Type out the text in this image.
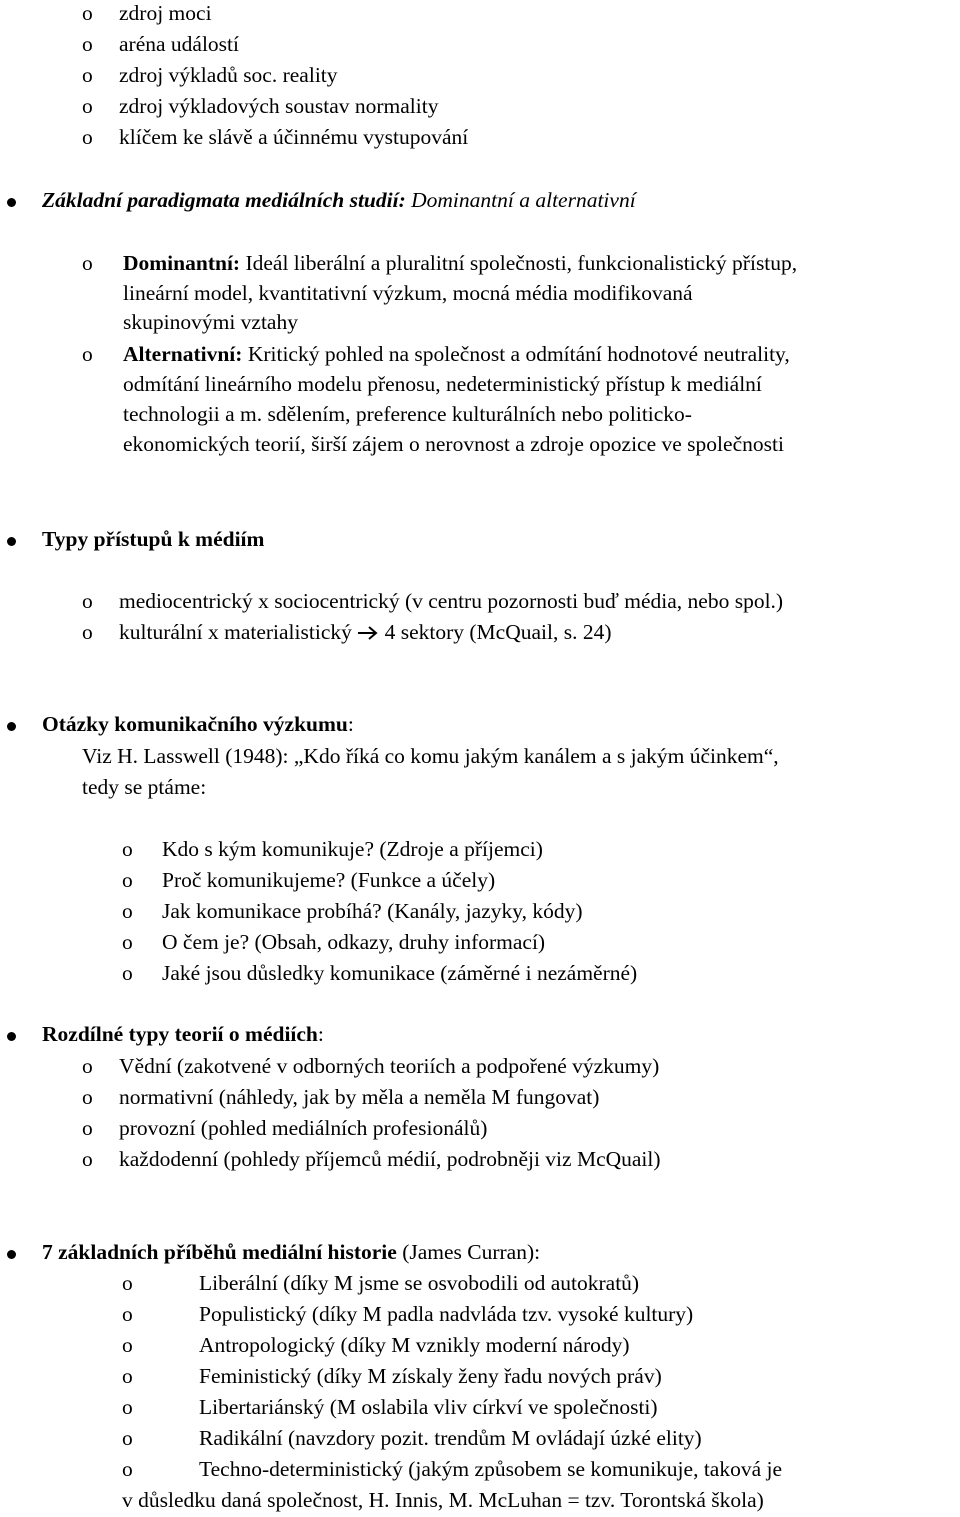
o zdroj moci
o aréna událostí
o zdroj výkladů soc. reality
o zdroj výkladových soustav normality
o klíčem ke slávě a účinnému vystupování
Základní paradigmata mediálních studií: Dominantní a alternativní
o Dominantní: Ideál liberální a pluralitní společnosti, funkcionalistický přístup,
lineární model, kvantitativní výzkum, mocná média modifikovaná
skupinovými vztahy
o Alternativní: Kritický pohled na společnost a odmítání hodnotové neutrality,
odmítání lineárního modelu přenosu, nedeterministický přístup k mediální
technologii a m. sdělením, preference kulturálních nebo politicko-
ekonomických teorií, širší zájem o nerovnost a zdroje opozice ve společnosti
Typy přístupů k médiím
o mediocentrický x sociocentrický (v centru pozornosti buď média, nebo spol.)
o kulturální x materialistický  4 sektory (McQuail, s. 24)
Otázky komunikačního výzkumu:
Viz H. Lasswell (1948): „Kdo říká co komu jakým kanálem a s jakým účinkem“,
tedy se ptáme:
o Kdo s kým komunikuje? (Zdroje a příjemci)
o Proč komunikujeme? (Funkce a účely)
o Jak komunikace probíhá? (Kanály, jazyky, kódy)
o O čem je? (Obsah, odkazy, druhy informací)
o Jaké jsou důsledky komunikace (záměrné i nezáměrné)
Rozdílné typy teorií o médiích:
o Vědní (zakotvené v odborných teoriích a podpořené výzkumy)
o normativní (náhledy, jak by měla a neměla M fungovat)
o provozní (pohled mediálních profesionálů)
o každodenní (pohledy příjemců médií, podrobněji viz McQuail)
7 základních příběhů mediální historie (James Curran):
o	Liberální (díky M jsme se osvobodili od autokratů)
o	Populistický (díky M padla nadvláda tzv. vysoké kultury)
o	Antropologický (díky M vznikly moderní národy)
o	Feministický (díky M získaly ženy řadu nových práv)
o	Libertariánský (M oslabila vliv církví ve společnosti)
o	Radikální (navzdory pozit. trendům M ovládají úzké elity)
o	Techno-deterministický (jakým způsobem se komunikuje, taková je
v důsledku daná společnost, H. Innis, M. McLuhan = tzv. Torontská škola)
